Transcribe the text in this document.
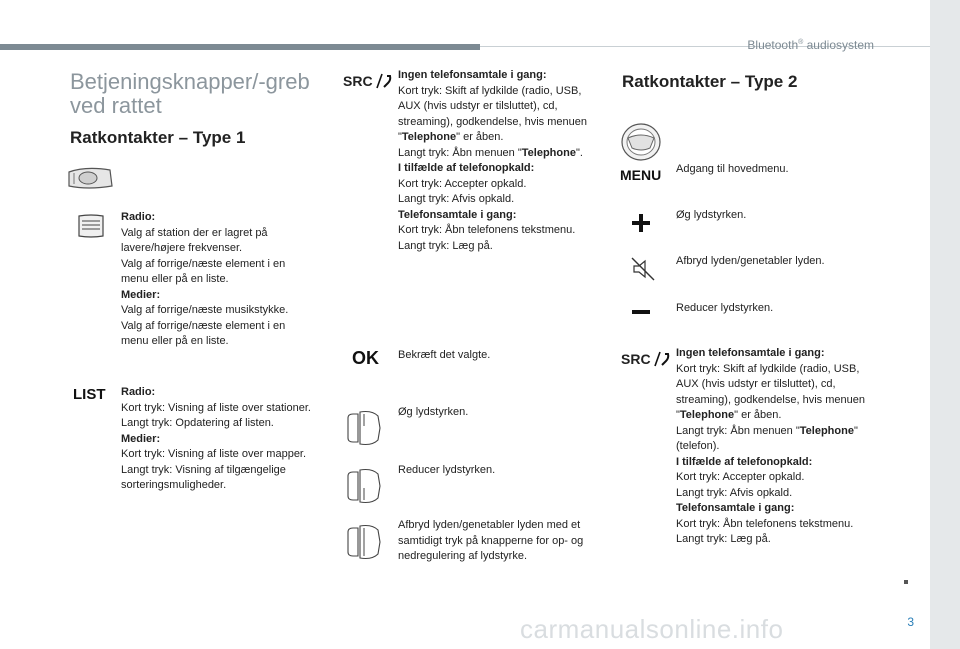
Bluetooth® audiosystem
3
carmanualsonline.info
Betjeningsknapper/-greb ved rattet
Ratkontakter – Type 1
Radio:
Valg af station der er lagret på lavere/højere frekvenser.
Valg af forrige/næste element i en menu eller på en liste.
Medier:
Valg af forrige/næste musikstykke.
Valg af forrige/næste element i en menu eller på en liste.
LIST Radio:
Kort tryk: Visning af liste over stationer.
Langt tryk: Opdatering af listen.
Medier:
Kort tryk: Visning af liste over mapper.
Langt tryk: Visning af tilgængelige sorteringsmuligheder.
SRC Ingen telefonsamtale i gang:
Kort tryk: Skift af lydkilde (radio, USB, AUX (hvis udstyr er tilsluttet), cd, streaming), godkendelse, hvis menuen "Telephone" er åben.
Langt tryk: Åbn menuen "Telephone".
I tilfælde af telefonopkald:
Kort tryk: Accepter opkald.
Langt tryk: Afvis opkald.
Telefonsamtale i gang:
Kort tryk: Åbn telefonens tekstmenu.
Langt tryk: Læg på.
OK Bekræft det valgte.
Øg lydstyrken.
Reducer lydstyrken.
Afbryd lyden/genetabler lyden med et samtidigt tryk på knapperne for op- og nedregulering af lydstyrke.
Ratkontakter – Type 2
MENU Adgang til hovedmenu.
Øg lydstyrken.
Afbryd lyden/genetabler lyden.
Reducer lydstyrken.
SRC Ingen telefonsamtale i gang:
Kort tryk: Skift af lydkilde (radio, USB, AUX (hvis udstyr er tilsluttet), cd, streaming), godkendelse, hvis menuen "Telephone" er åben.
Langt tryk: Åbn menuen "Telephone" (telefon).
I tilfælde af telefonopkald:
Kort tryk: Accepter opkald.
Langt tryk: Afvis opkald.
Telefonsamtale i gang:
Kort tryk: Åbn telefonens tekstmenu.
Langt tryk: Læg på.
